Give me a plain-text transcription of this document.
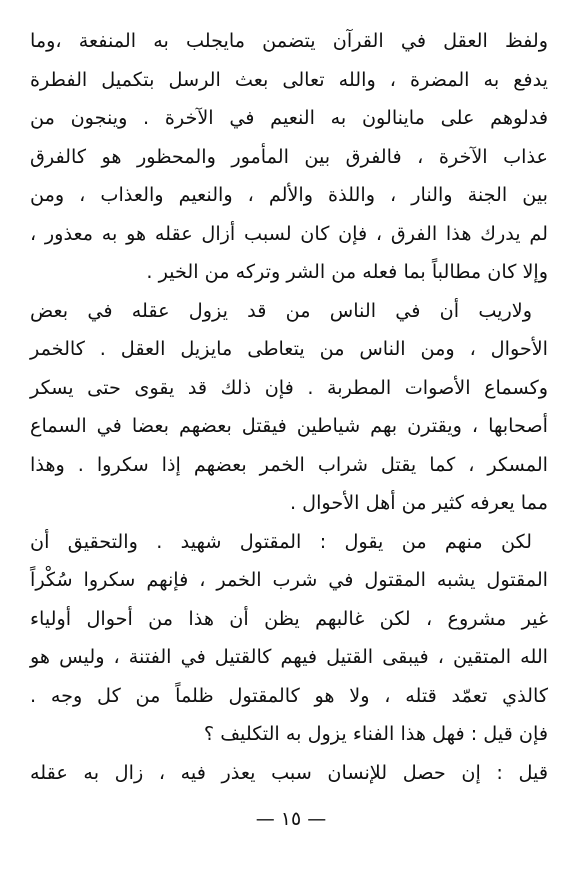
ولفظ العقل في القرآن يتضمن مايجلب به المنفعة ،وما
يدفع به المضرة ، والله تعالى بعث الرسل بتكميل الفطرة
فدلوهم على ماينالون به النعيم في الآخرة . وينجون من
عذاب الآخرة ، فالفرق بين المأمور والمحظور هو كالفرق
بين الجنة والنار ، واللذة والألم ، والنعيم والعذاب ، ومن
لم يدرك هذا الفرق ، فإن كان لسبب أزال عقله هو به معذور ،
وإلا كان مطالباً بما فعله من الشر وتركه من الخير .
ولاريب أن في الناس من قد يزول عقله في بعض
الأحوال ، ومن الناس من يتعاطى مايزيل العقل . كالخمر
وكسماع الأصوات المطربة . فإن ذلك قد يقوى حتى يسكر
أصحابها ، ويقترن بهم شياطين فيقتل بعضهم بعضا في السماع
المسكر ، كما يقتل شراب الخمر بعضهم إذا سكروا . وهذا
مما يعرفه كثير من أهل الأحوال .
لكن منهم من يقول : المقتول شهيد . والتحقيق أن
المقتول يشبه المقتول في شرب الخمر ، فإنهم سكروا سُكْراً
غير مشروع ، لكن غالبهم يظن أن هذا من أحوال أولياء
الله المتقين ، فيبقى القتيل فيهم كالقتيل في الفتنة ، وليس هو
كالذي تعمّد قتله ، ولا هو كالمقتول ظلماً من كل وجه .
فإن قيل : فهل هذا الفناء يزول به التكليف ؟
قيل : إن حصل للإنسان سبب يعذر فيه ، زال به عقله
— ١٥ —
